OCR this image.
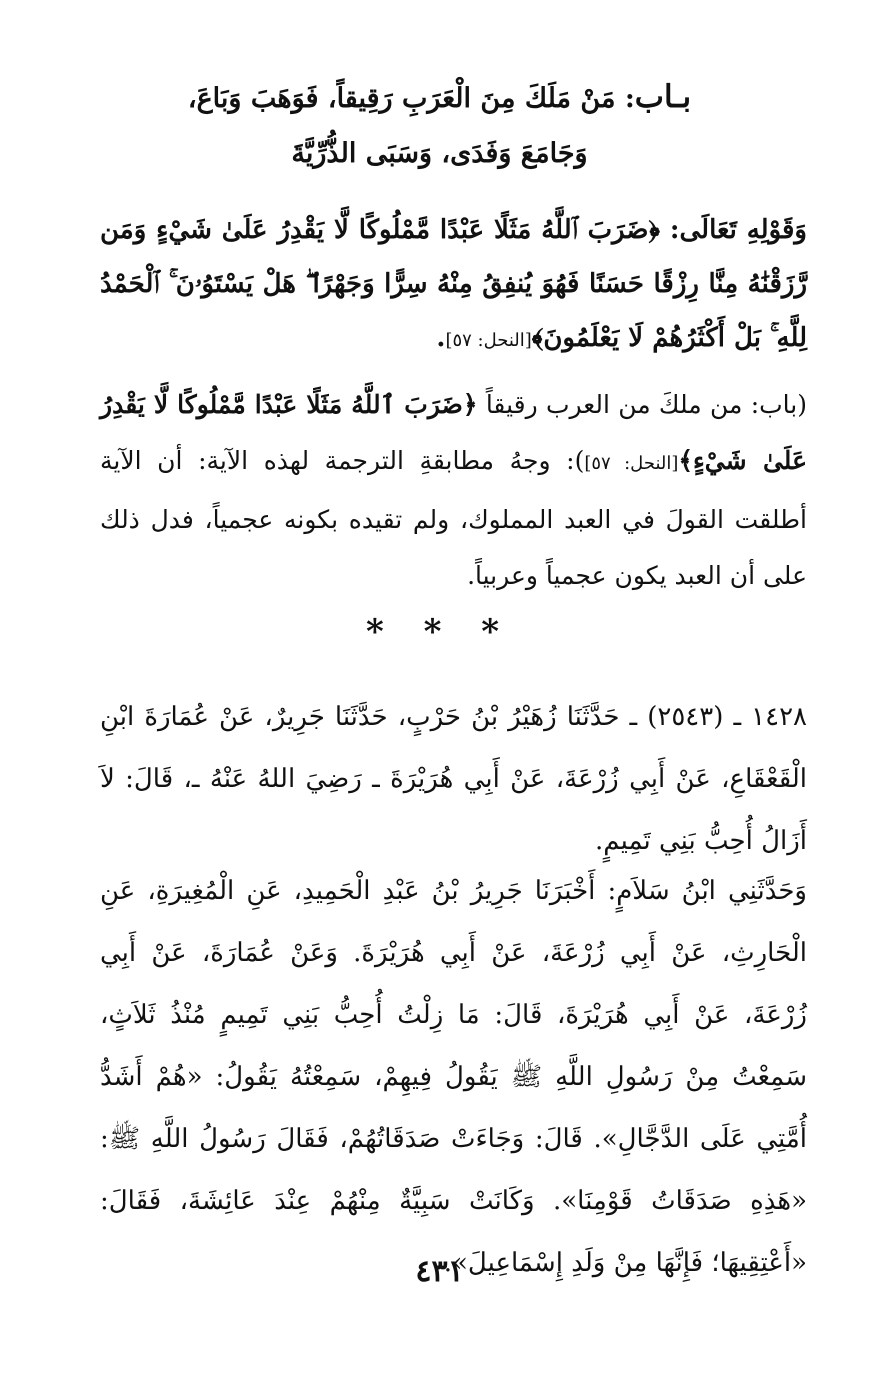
بـاب: مَنْ مَلَكَ مِنَ الْعَرَبِ رَقِيقاً، فَوَهَبَ وَبَاعَ،
وَجَامَعَ وَفَدَى، وَسَبَى الذُّرِّيَّةَ
وَقَوْلِهِ تَعَالَى: ﴿ضَرَبَ ٱللَّهُ مَثَلًا عَبْدًا مَّمْلُوكًا لَّا يَقْدِرُ عَلَىٰ شَيْءٍ وَمَن رَّزَقْنَٰهُ مِنَّا رِزْقًا حَسَنًا فَهُوَ يُنفِقُ مِنْهُ سِرًّا وَجَهْرًا ۖ هَلْ يَسْتَوُۥنَ ۚ ٱلْحَمْدُ لِلَّهِ ۚ بَلْ أَكْثَرُهُمْ لَا يَعْلَمُونَ﴾[النحل: ٥٧].
(باب: من ملكَ من العرب رقيقاً ﴿ضَرَبَ ٱللَّهُ مَثَلًا عَبْدًا مَّمْلُوكًا لَّا يَقْدِرُ عَلَىٰ شَيْءٍ﴾[النحل: ٥٧]): وجهُ مطابقةِ الترجمة لهذه الآية: أن الآية أطلقت القولَ في العبد المملوك، ولم تقيده بكونه عجمياً، فدل ذلك على أن العبد يكون عجمياً وعربياً.
* * *
١٤٢٨ ـ (٢٥٤٣) ـ حَدَّثَنَا زُهَيْرُ بْنُ حَرْبٍ، حَدَّثَنَا جَرِيرٌ، عَنْ عُمَارَةَ ابْنِ الْقَعْقَاعِ، عَنْ أَبِي زُرْعَةَ، عَنْ أَبِي هُرَيْرَةَ ـ رَضِيَ اللهُ عَنْهُ ـ، قَالَ: لاَ أَزَالُ أُحِبُّ بَنِي تَمِيمٍ.
وَحَدَّثَنِي ابْنُ سَلاَمٍ: أَخْبَرَنَا جَرِيرُ بْنُ عَبْدِ الْحَمِيدِ، عَنِ الْمُغِيرَةِ، عَنِ الْحَارِثِ، عَنْ أَبِي زُرْعَةَ، عَنْ أَبِي هُرَيْرَةَ. وَعَنْ عُمَارَةَ، عَنْ أَبِي زُرْعَةَ، عَنْ أَبِي هُرَيْرَةَ، قَالَ: مَا زِلْتُ أُحِبُّ بَنِي تَمِيمٍ مُنْذُ ثَلاَثٍ، سَمِعْتُ مِنْ رَسُولِ اللَّهِ ﷺ يَقُولُ فِيهِمْ، سَمِعْتُهُ يَقُولُ: «هُمْ أَشَدُّ أُمَّتِي عَلَى الدَّجَّالِ». قَالَ: وَجَاءَتْ صَدَقَاتُهُمْ، فَقَالَ رَسُولُ اللَّهِ ﷺ: «هَذِهِ صَدَقَاتُ قَوْمِنَا». وَكَانَتْ سَبِيَّةٌ مِنْهُمْ عِنْدَ عَائِشَةَ، فَقَالَ: «أَعْتِقِيهَا؛ فَإِنَّهَا مِنْ وَلَدِ إِسْمَاعِيلَ».
٤٣١
